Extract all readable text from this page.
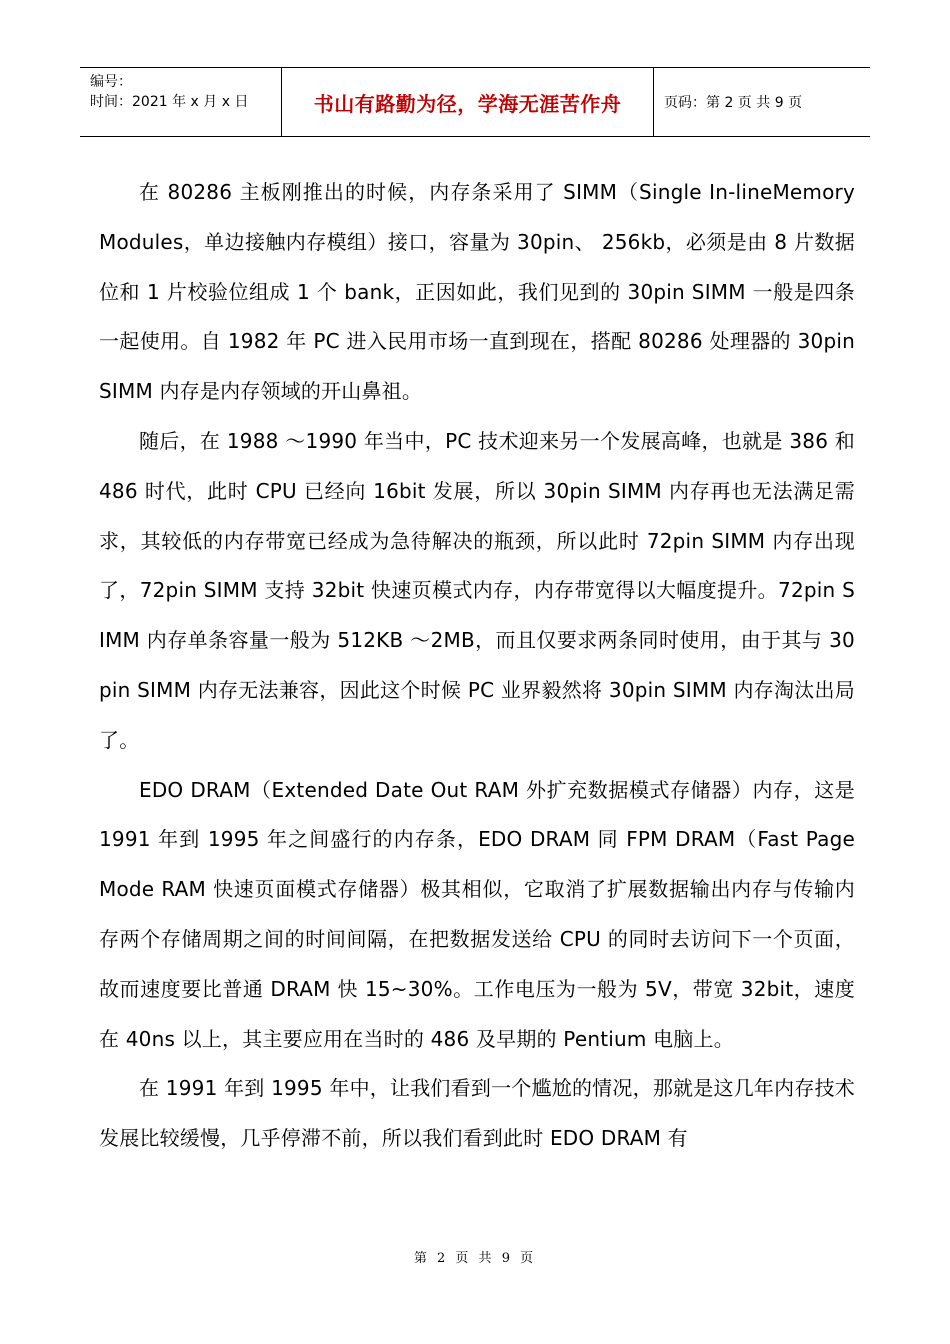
编号：
时间：2021 年 x 月 x 日	书山有路勤为径，学海无涯苦作舟	页码：第 2 页 共 9 页

在 80286 主板刚推出的时候，内存条采用了 SIMM（Single In-lineMemory Modules，单边接触内存模组）接口，容量为 30pin、 256kb，必须是由 8 片数据位和 1 片校验位组成 1 个 bank，正因如此，我们见到的 30pin SIMM 一般是四条一起使用。自 1982 年 PC 进入民用市场一直到现在，搭配 80286 处理器的 30pin SIMM 内存是内存领域的开山鼻祖。

随后，在 1988 ～1990 年当中，PC 技术迎来另一个发展高峰，也就是 386 和 486 时代，此时 CPU 已经向 16bit 发展，所以 30pin SIMM 内存再也无法满足需求，其较低的内存带宽已经成为急待解决的瓶颈，所以此时 72pin SIMM 内存出现了，72pin SIMM 支持 32bit 快速页模式内存，内存带宽得以大幅度提升。72pin SIMM 内存单条容量一般为 512KB ～2MB，而且仅要求两条同时使用，由于其与 30pin SIMM 内存无法兼容，因此这个时候 PC 业界毅然将 30pin SIMM 内存淘汰出局了。

EDO DRAM（Extended Date Out RAM 外扩充数据模式存储器）内存，这是 1991 年到 1995 年之间盛行的内存条，EDO DRAM 同 FPM DRAM（Fast Page Mode RAM 快速页面模式存储器）极其相似，它取消了扩展数据输出内存与传输内存两个存储周期之间的时间间隔，在把数据发送给 CPU 的同时去访问下一个页面，故而速度要比普通 DRAM 快 15~30%。工作电压为一般为 5V，带宽 32bit，速度在 40ns 以上，其主要应用在当时的 486 及早期的 Pentium 电脑上。

在 1991 年到 1995 年中，让我们看到一个尴尬的情况，那就是这几年内存技术发展比较缓慢，几乎停滞不前，所以我们看到此时 EDO DRAM 有

第 2 页 共 9 页
